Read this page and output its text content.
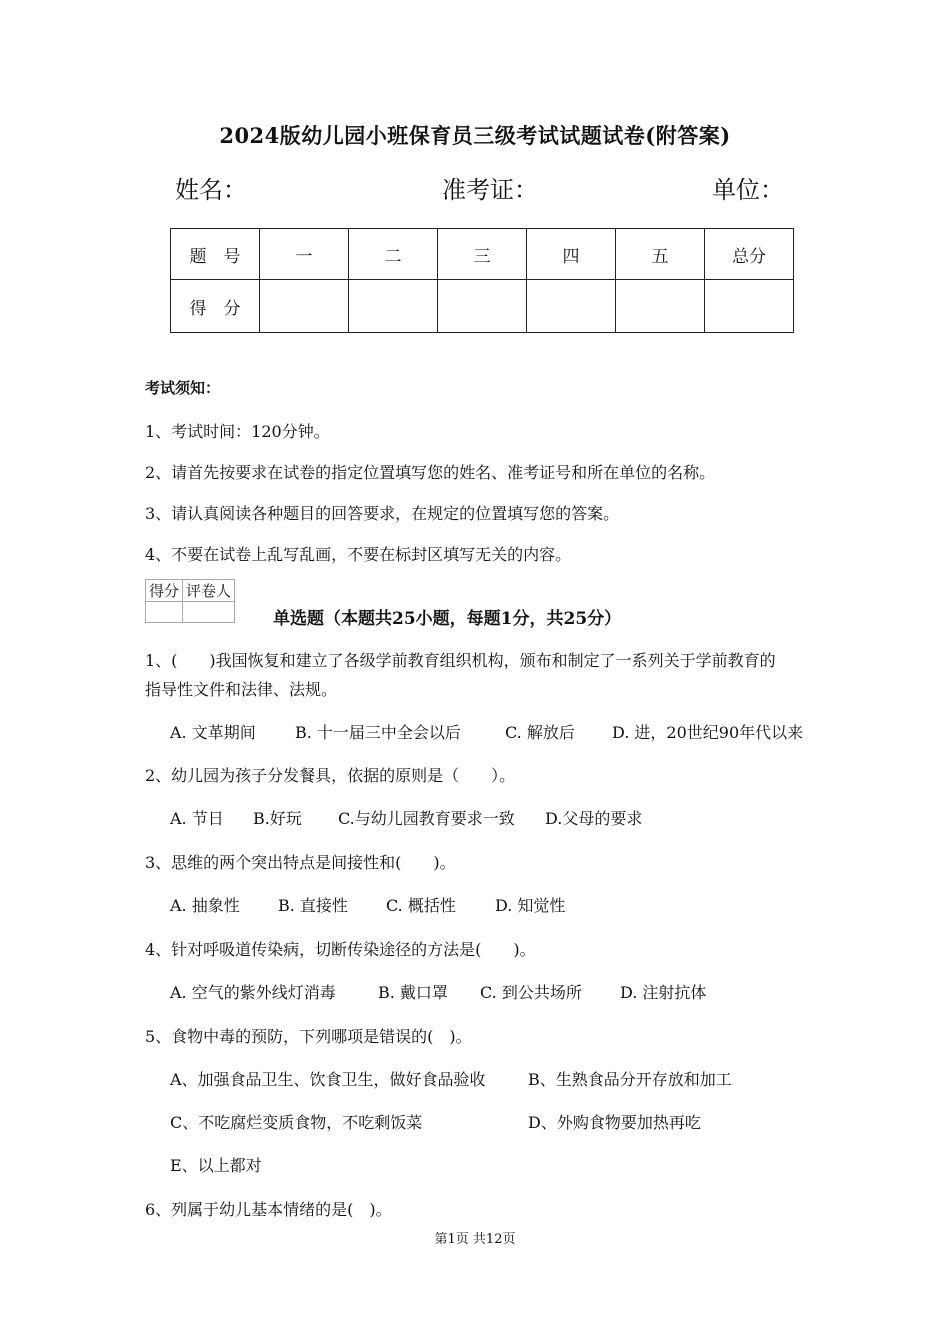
2024版幼儿园小班保育员三级考试试题试卷(附答案)
姓名：	准考证：	单位：
题　号	一	二	三	四	五	总分
得　分						
考试须知：
1、考试时间：120分钟。
2、请首先按要求在试卷的指定位置填写您的姓名、准考证号和所在单位的名称。
3、请认真阅读各种题目的回答要求，在规定的位置填写您的答案。
4、不要在试卷上乱写乱画，不要在标封区填写无关的内容。
得分	评卷人

单选题（本题共25小题，每题1分，共25分）
1、(　　)我国恢复和建立了各级学前教育组织机构，颁布和制定了一系列关于学前教育的
指导性文件和法律、法规。
A. 文革期间 B. 十一届三中全会以后	C. 解放后 D. 进，20世纪90年代以来
2、幼儿园为孩子分发餐具，依据的原则是（　　）。
A. 节日 B.好玩 C.与幼儿园教育要求一致 D.父母的要求
3、思维的两个突出特点是间接性和(　　)。
A. 抽象性 B. 直接性 C. 概括性 D. 知觉性
4、针对呼吸道传染病，切断传染途径的方法是(　　)。
A. 空气的紫外线灯消毒	B. 戴口罩 C. 到公共场所 D. 注射抗体
5、食物中毒的预防，下列哪项是错误的(　)。
A、加强食品卫生、饮食卫生，做好食品验收	B、生熟食品分开存放和加工
C、不吃腐烂变质食物，不吃剩饭菜	D、外购食物要加热再吃
E、以上都对
6、列属于幼儿基本情绪的是(　)。
第1页 共12页
